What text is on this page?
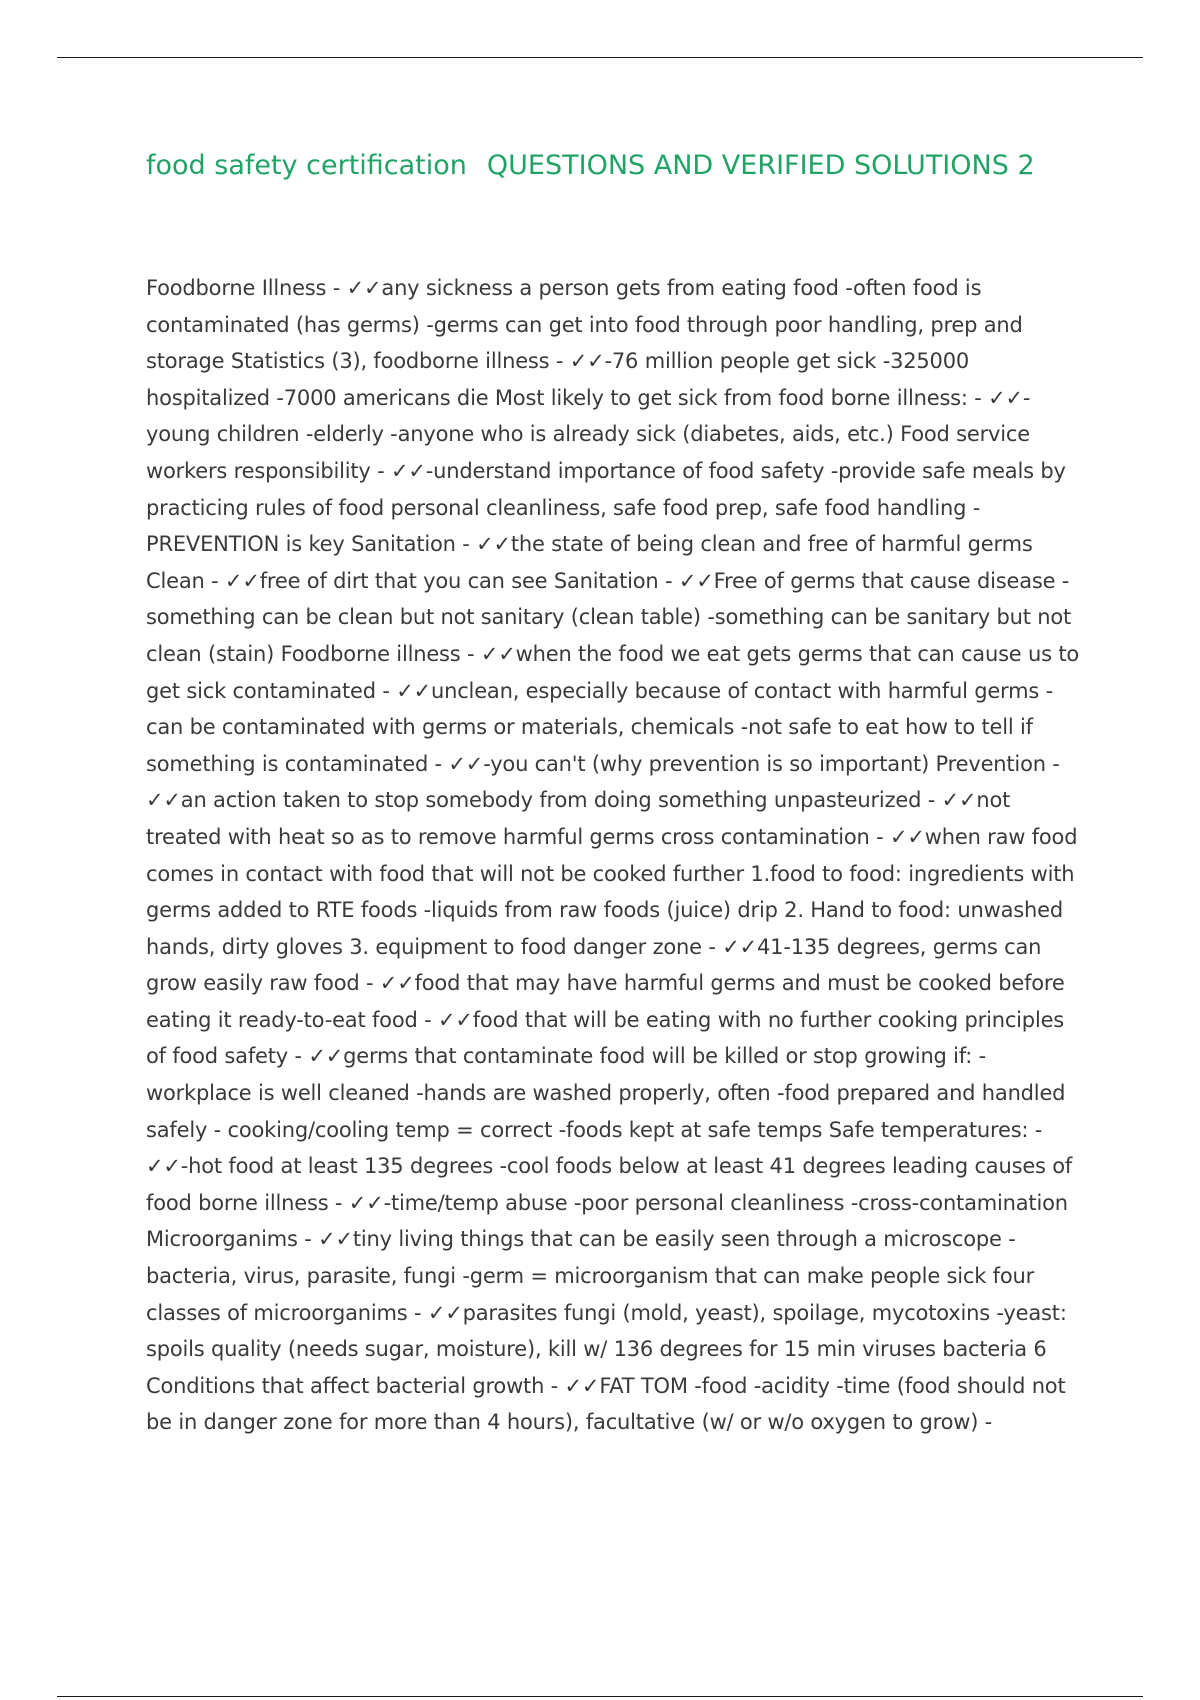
food safety certification QUESTIONS AND VERIFIED SOLUTIONS 2

Foodborne Illness - ✓✓any sickness a person gets from eating food -often food is contaminated (has germs) -germs can get into food through poor handling, prep and storage Statistics (3), foodborne illness - ✓✓-76 million people get sick -325000 hospitalized -7000 americans die Most likely to get sick from food borne illness: - ✓✓- young children -elderly -anyone who is already sick (diabetes, aids, etc.) Food service workers responsibility - ✓✓-understand importance of food safety -provide safe meals by practicing rules of food personal cleanliness, safe food prep, safe food handling - PREVENTION is key Sanitation - ✓✓the state of being clean and free of harmful germs Clean - ✓✓free of dirt that you can see Sanitation - ✓✓Free of germs that cause disease - something can be clean but not sanitary (clean table) -something can be sanitary but not clean (stain) Foodborne illness - ✓✓when the food we eat gets germs that can cause us to get sick contaminated - ✓✓unclean, especially because of contact with harmful germs - can be contaminated with germs or materials, chemicals -not safe to eat how to tell if something is contaminated - ✓✓-you can't (why prevention is so important) Prevention - ✓✓an action taken to stop somebody from doing something unpasteurized - ✓✓not treated with heat so as to remove harmful germs cross contamination - ✓✓when raw food comes in contact with food that will not be cooked further 1.food to food: ingredients with germs added to RTE foods -liquids from raw foods (juice) drip 2. Hand to food: unwashed hands, dirty gloves 3. equipment to food danger zone - ✓✓41-135 degrees, germs can grow easily raw food - ✓✓food that may have harmful germs and must be cooked before eating it ready-to-eat food - ✓✓food that will be eating with no further cooking principles of food safety - ✓✓germs that contaminate food will be killed or stop growing if: -workplace is well cleaned -hands are washed properly, often -food prepared and handled safely - cooking/cooling temp = correct -foods kept at safe temps Safe temperatures: - ✓✓-hot food at least 135 degrees -cool foods below at least 41 degrees leading causes of food borne illness - ✓✓-time/temp abuse -poor personal cleanliness -cross-contamination Microorganims - ✓✓tiny living things that can be easily seen through a microscope - bacteria, virus, parasite, fungi -germ = microorganism that can make people sick four classes of microorganims - ✓✓parasites fungi (mold, yeast), spoilage, mycotoxins -yeast: spoils quality (needs sugar, moisture), kill w/ 136 degrees for 15 min viruses bacteria 6 Conditions that affect bacterial growth - ✓✓FAT TOM -food -acidity -time (food should not be in danger zone for more than 4 hours), facultative (w/ or w/o oxygen to grow) -
